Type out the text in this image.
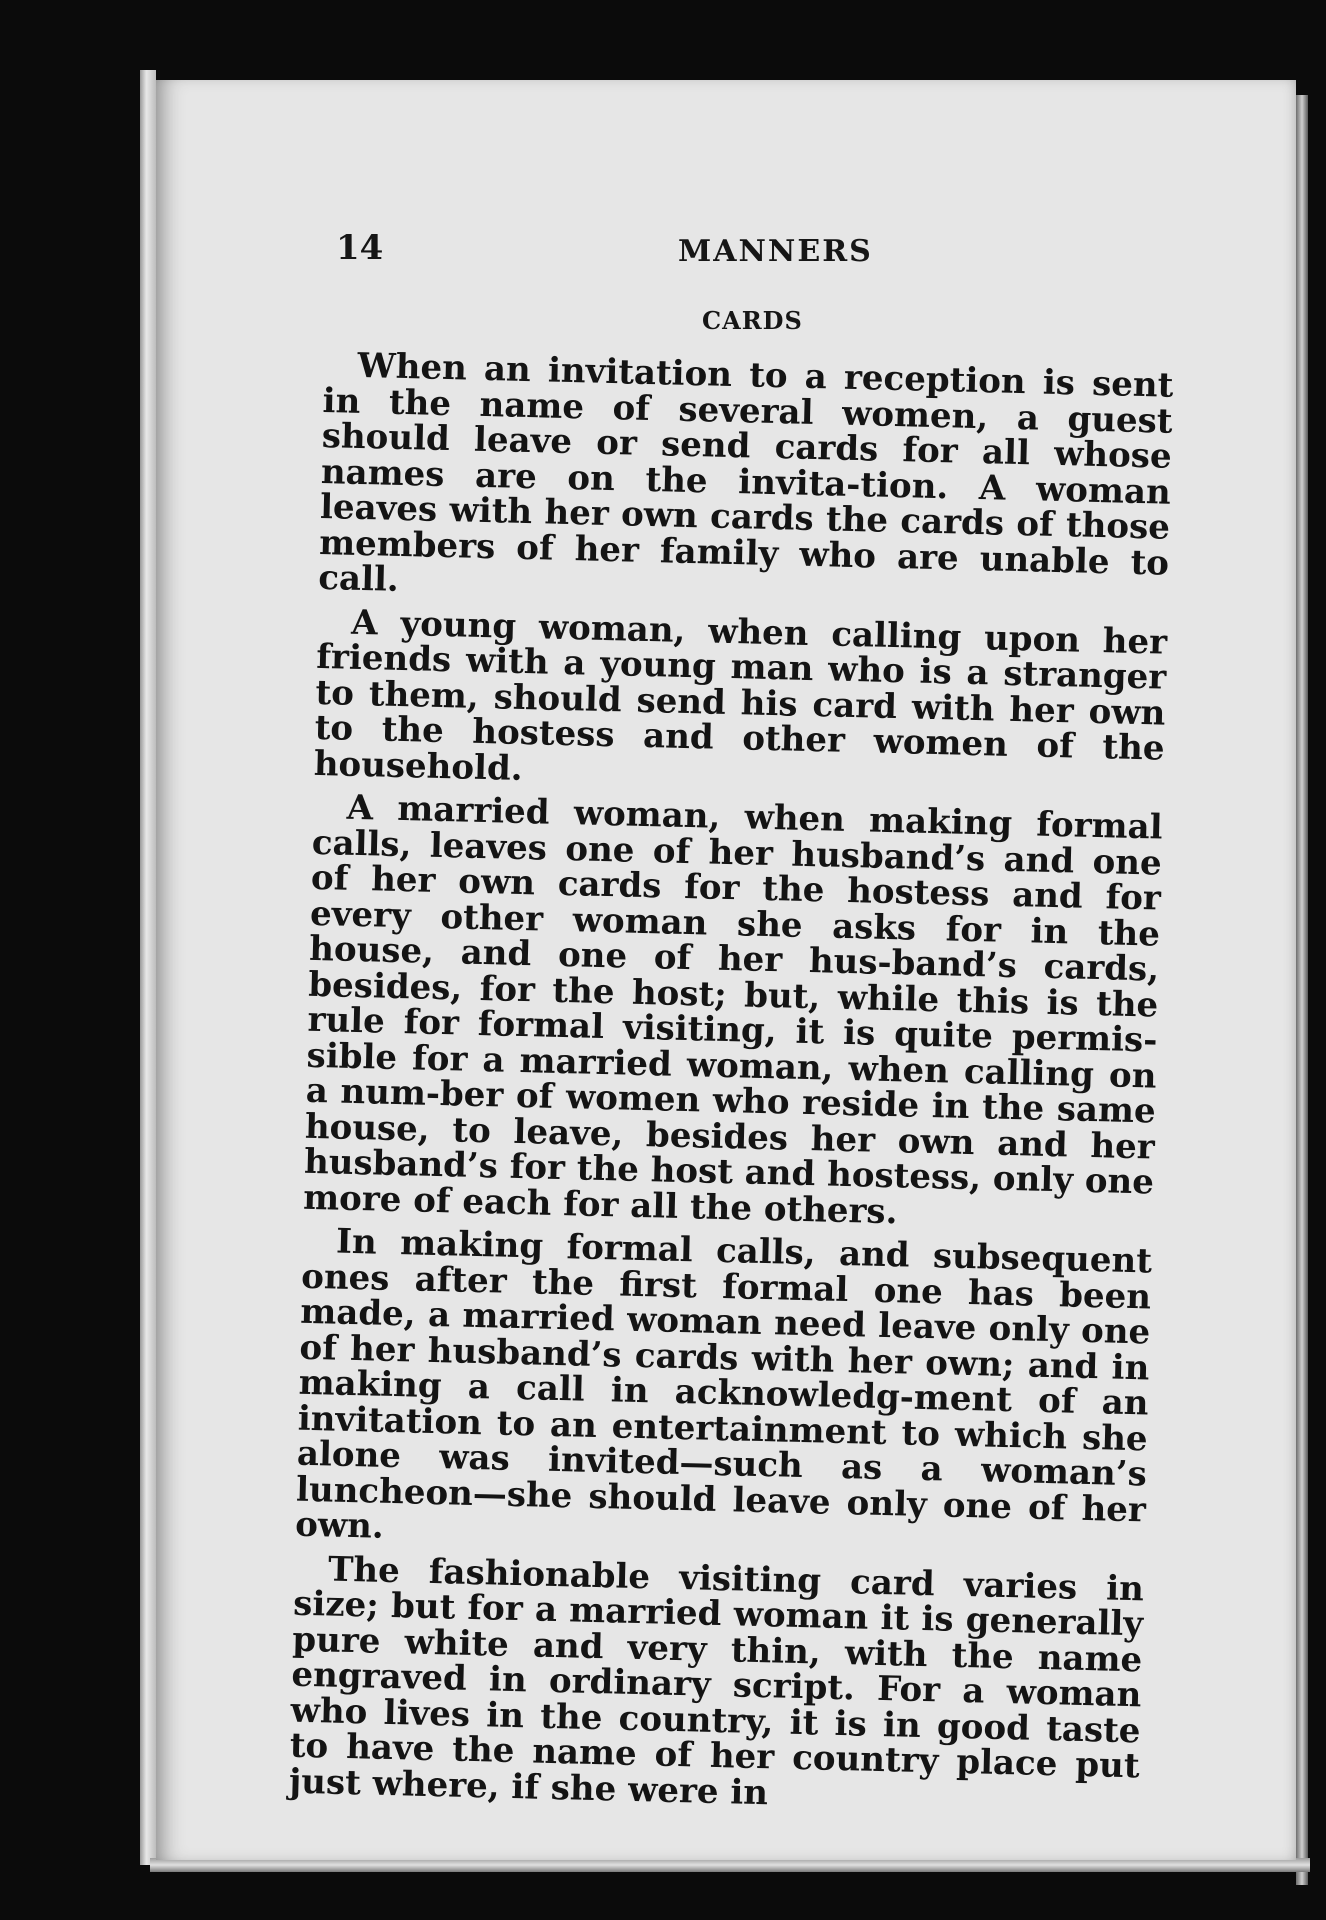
14	MANNERS
CARDS

When an invitation to a reception is sent in the name of several women, a guest should leave or send cards for all whose names are on the invita-tion. A woman leaves with her own cards the cards of those members of her family who are unable to call.

A young woman, when calling upon her friends with a young man who is a stranger to them, should send his card with her own to the hostess and other women of the household.

A married woman, when making formal calls, leaves one of her husband’s and one of her own cards for the hostess and for every other woman she asks for in the house, and one of her hus-band’s cards, besides, for the host; but, while this is the rule for formal visiting, it is quite permis-sible for a married woman, when calling on a num-ber of women who reside in the same house, to leave, besides her own and her husband’s for the host and hostess, only one more of each for all the others.

In making formal calls, and subsequent ones after the first formal one has been made, a married woman need leave only one of her husband’s cards with her own; and in making a call in acknowledg-ment of an invitation to an entertainment to which she alone was invited—such as a woman’s luncheon—she should leave only one of her own.

The fashionable visiting card varies in size; but for a married woman it is generally pure white and very thin, with the name engraved in ordinary script. For a woman who lives in the country, it is in good taste to have the name of her country place put just where, if she were in
